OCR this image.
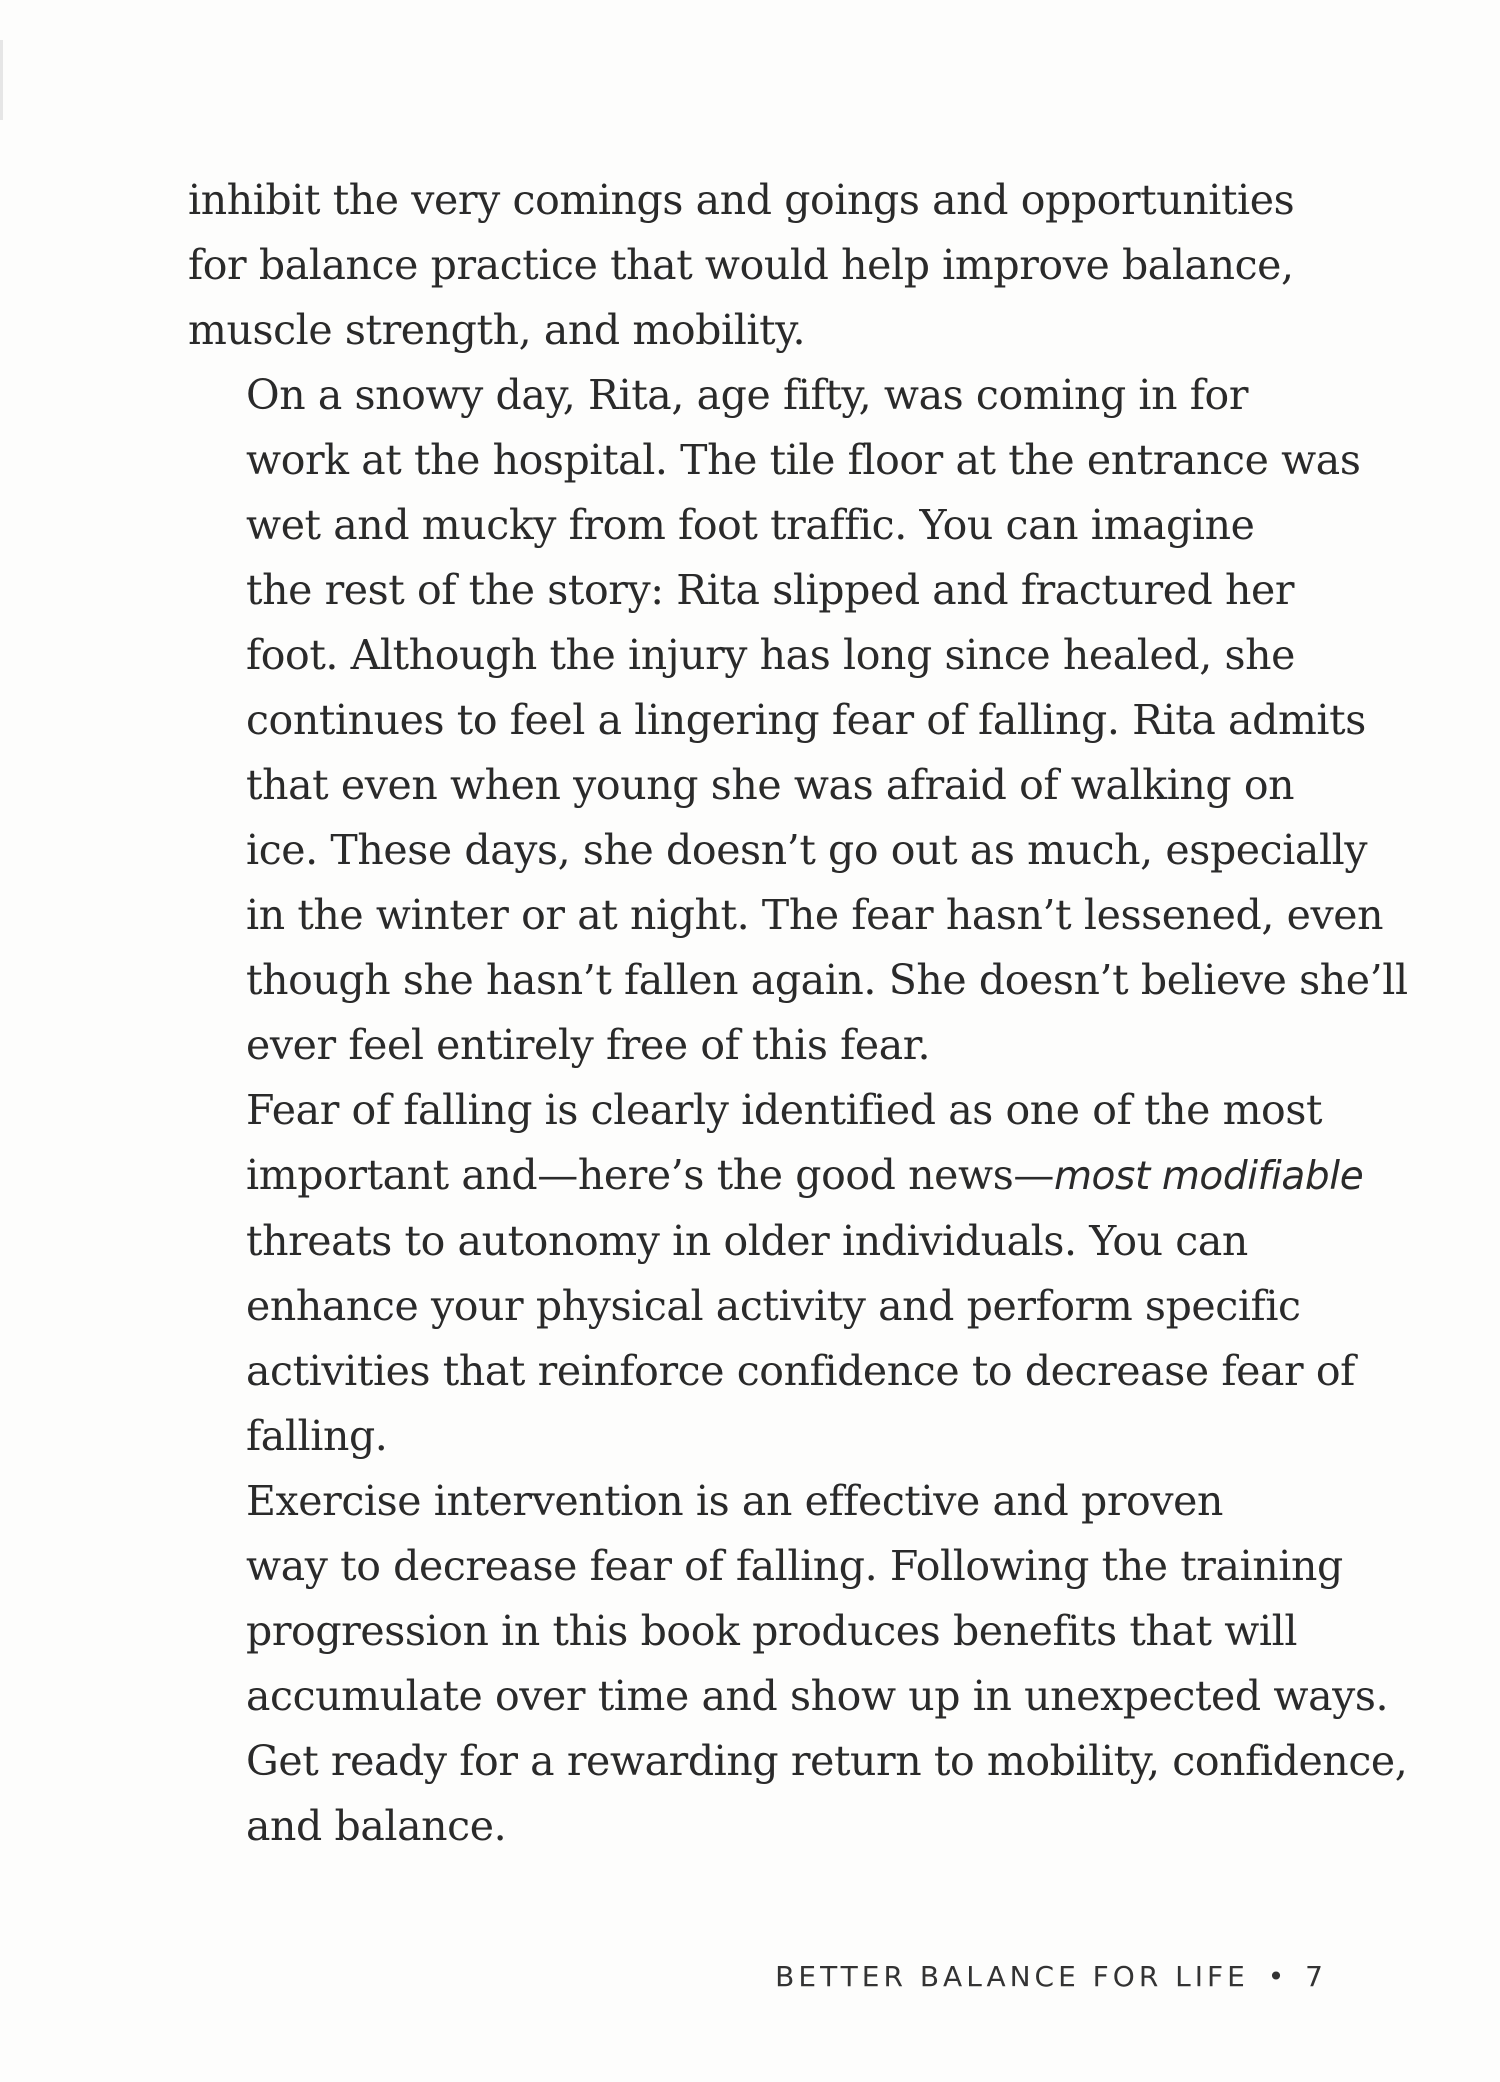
inhibit the very comings and goings and opportunities
for balance practice that would help improve balance,
muscle strength, and mobility.

On a snowy day, Rita, age fifty, was coming in for
work at the hospital. The tile floor at the entrance was
wet and mucky from foot traffic. You can imagine
the rest of the story: Rita slipped and fractured her
foot. Although the injury has long since healed, she
continues to feel a lingering fear of falling. Rita admits
that even when young she was afraid of walking on
ice. These days, she doesn’t go out as much, especially
in the winter or at night. The fear hasn’t lessened, even
though she hasn’t fallen again. She doesn’t believe she’ll
ever feel entirely free of this fear.

Fear of falling is clearly identified as one of the most
important and—here’s the good news—most modifiable
threats to autonomy in older individuals. You can
enhance your physical activity and perform specific
activities that reinforce confidence to decrease fear of
falling.

Exercise intervention is an effective and proven
way to decrease fear of falling. Following the training
progression in this book produces benefits that will
accumulate over time and show up in unexpected ways.
Get ready for a rewarding return to mobility, confidence,
and balance.

BETTER BALANCE FOR LIFE • 7
